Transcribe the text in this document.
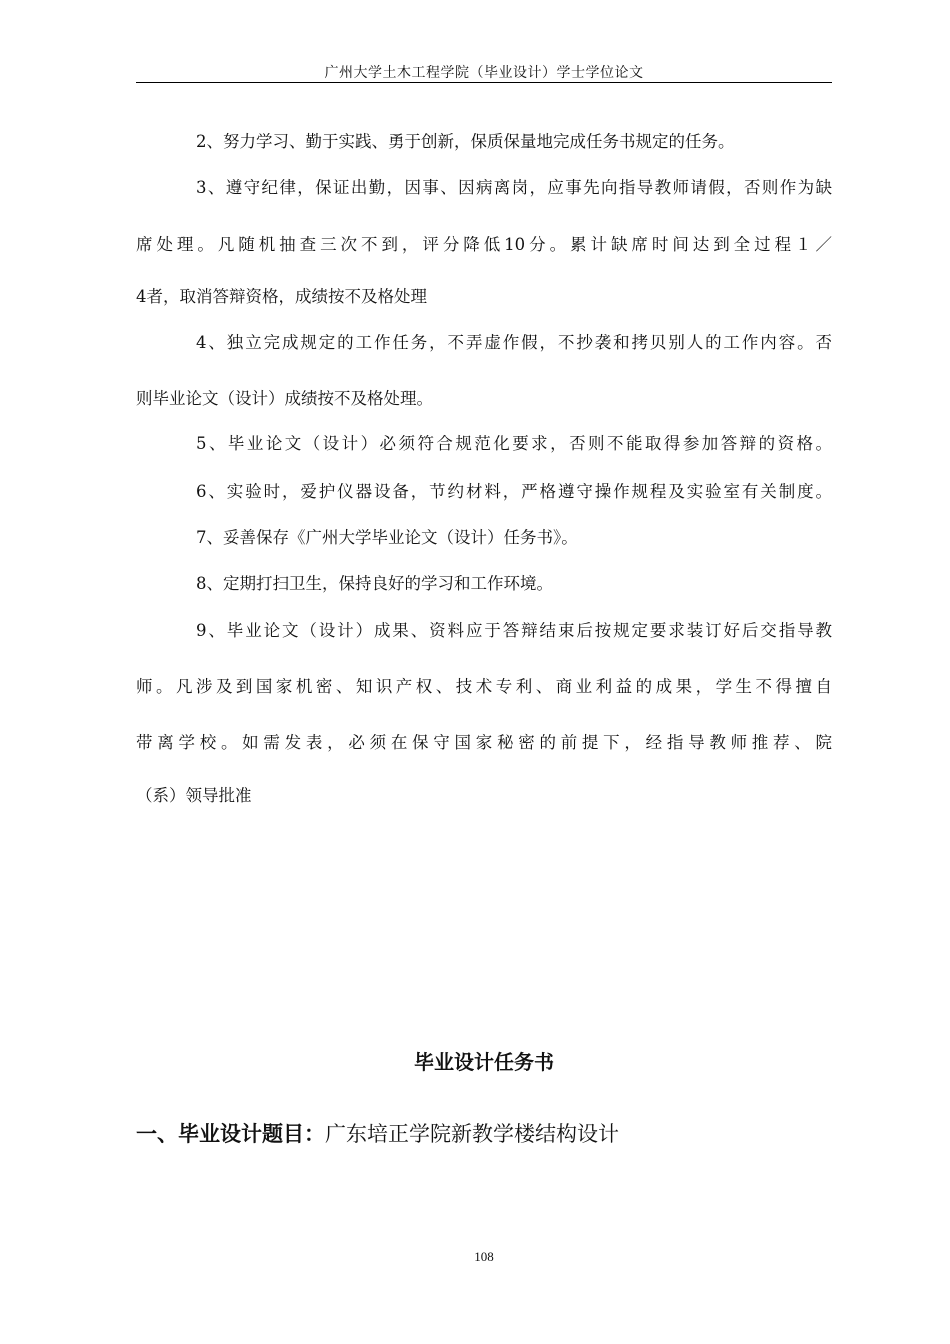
广州大学土木工程学院（毕业设计）学士学位论文
2、努力学习、勤于实践、勇于创新，保质保量地完成任务书规定的任务。
3、遵守纪律，保证出勤，因事、因病离岗，应事先向指导教师请假，否则作为缺
席处理。凡随机抽查三次不到，评分降低10分。累计缺席时间达到全过程１／
4者，取消答辩资格，成绩按不及格处理
4、独立完成规定的工作任务，不弄虚作假，不抄袭和拷贝别人的工作内容。否
则毕业论文（设计）成绩按不及格处理。
5、毕业论文（设计）必须符合规范化要求，否则不能取得参加答辩的资格。
6、实验时，爱护仪器设备，节约材料，严格遵守操作规程及实验室有关制度。
7、妥善保存《广州大学毕业论文（设计）任务书》。
8、定期打扫卫生，保持良好的学习和工作环境。
9、毕业论文（设计）成果、资料应于答辩结束后按规定要求装订好后交指导教
师。凡涉及到国家机密、知识产权、技术专利、商业利益的成果，学生不得擅自
带离学校。如需发表，必须在保守国家秘密的前提下，经指导教师推荐、院
（系）领导批准
毕业设计任务书
一、毕业设计题目：广东培正学院新教学楼结构设计
108
